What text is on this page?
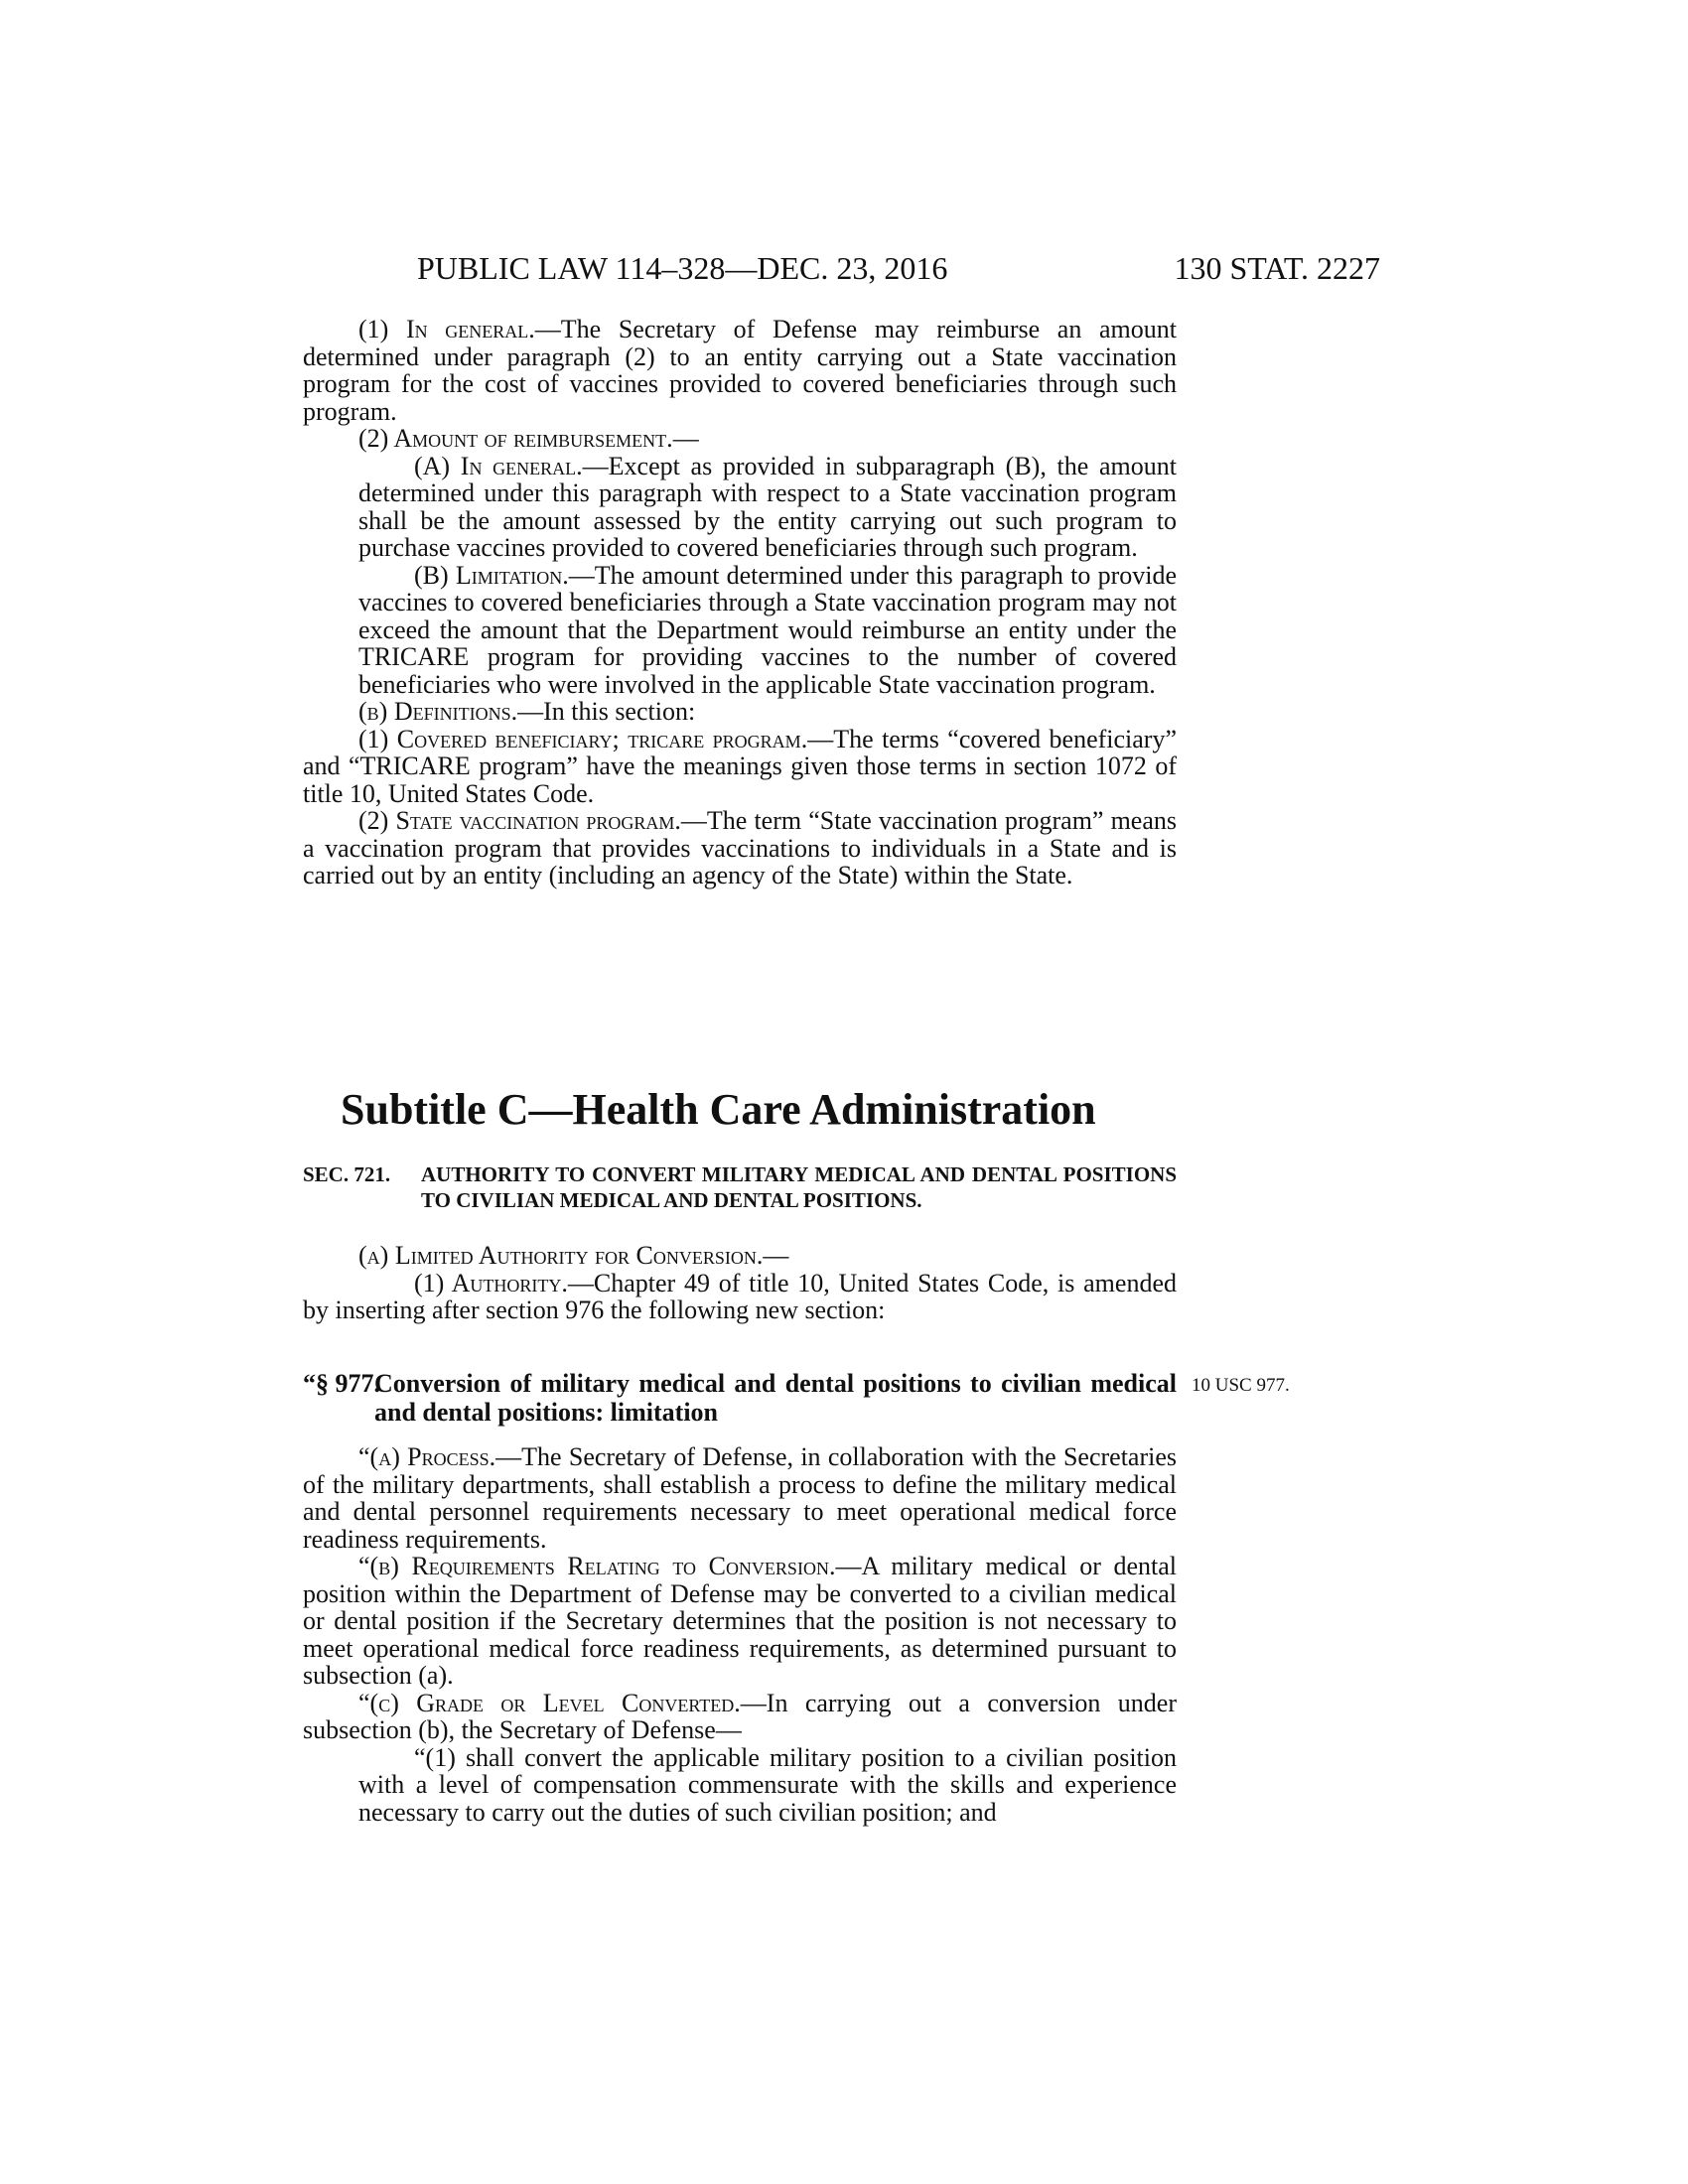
PUBLIC LAW 114–328—DEC. 23, 2016	130 STAT. 2227

(1) In general.—The Secretary of Defense may reimburse an amount determined under paragraph (2) to an entity carrying out a State vaccination program for the cost of vaccines provided to covered beneficiaries through such program.

(2) Amount of reimbursement.—

(A) In general.—Except as provided in subparagraph (B), the amount determined under this paragraph with respect to a State vaccination program shall be the amount assessed by the entity carrying out such program to purchase vaccines provided to covered beneficiaries through such program.

(B) Limitation.—The amount determined under this paragraph to provide vaccines to covered beneficiaries through a State vaccination program may not exceed the amount that the Department would reimburse an entity under the TRICARE program for providing vaccines to the number of covered beneficiaries who were involved in the applicable State vaccination program.

(b) Definitions.—In this section:

(1) Covered beneficiary; tricare program.—The terms “covered beneficiary” and “TRICARE program” have the meanings given those terms in section 1072 of title 10, United States Code.

(2) State vaccination program.—The term “State vaccination program” means a vaccination program that provides vaccinations to individuals in a State and is carried out by an entity (including an agency of the State) within the State.

Subtitle C—Health Care Administration
SEC. 721. AUTHORITY TO CONVERT MILITARY MEDICAL AND DENTAL POSITIONS TO CIVILIAN MEDICAL AND DENTAL POSITIONS.

(a) Limited Authority for Conversion.—

(1) Authority.—Chapter 49 of title 10, United States Code, is amended by inserting after section 976 the following new section:

“§ 977.
Conversion of military medical and dental positions to civilian medical and dental positions: limitation
10 USC 977.

“(a) Process.—The Secretary of Defense, in collaboration with the Secretaries of the military departments, shall establish a process to define the military medical and dental personnel requirements necessary to meet operational medical force readiness requirements.

“(b) Requirements Relating to Conversion.—A military medical or dental position within the Department of Defense may be converted to a civilian medical or dental position if the Secretary determines that the position is not necessary to meet operational medical force readiness requirements, as determined pursuant to subsection (a).

“(c) Grade or Level Converted.—In carrying out a conversion under subsection (b), the Secretary of Defense—

“(1) shall convert the applicable military position to a civilian position with a level of compensation commensurate with the skills and experience necessary to carry out the duties of such civilian position; and
